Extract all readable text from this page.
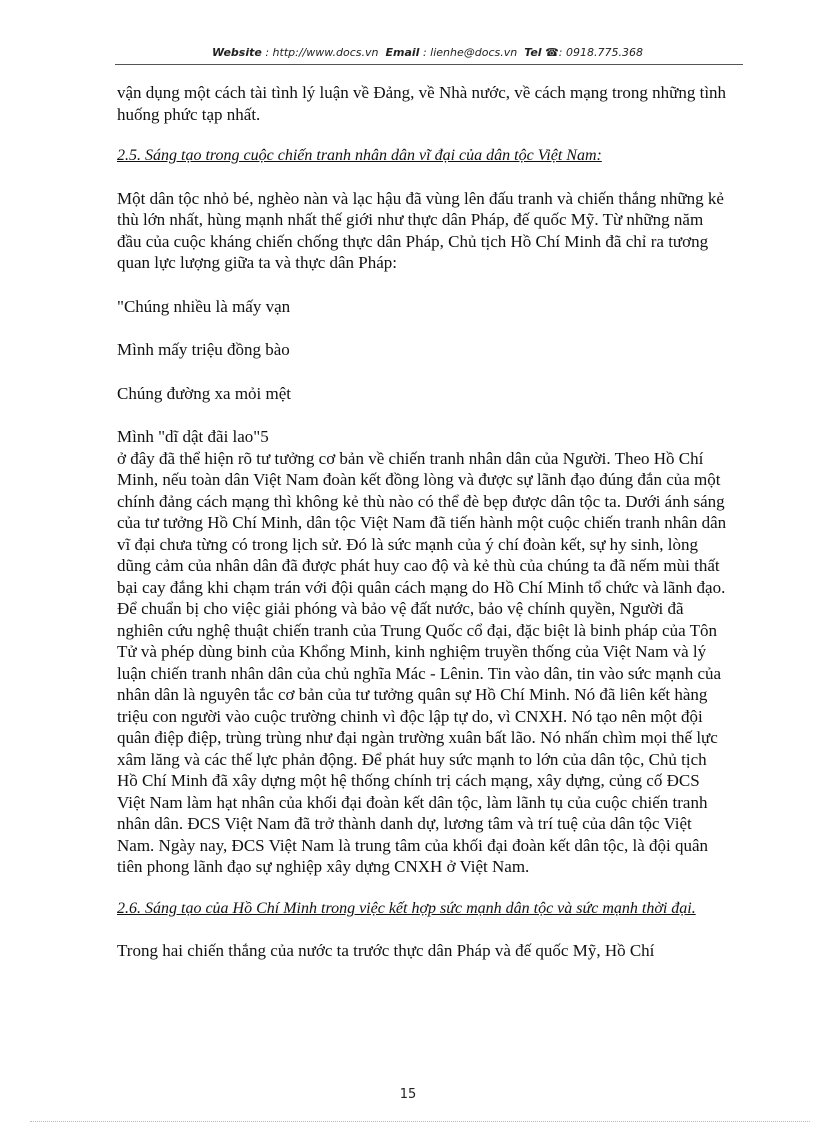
Website : http://www.docs.vn Email : lienhe@docs.vn Tel ☎: 0918.775.368

vận dụng một cách tài tình lý luận về Đảng, về Nhà nước, về cách mạng trong những tình huống phức tạp nhất.

2.5. Sáng tạo trong cuộc chiến tranh nhân dân vĩ đại của dân tộc Việt Nam:

Một dân tộc nhỏ bé, nghèo nàn và lạc hậu đã vùng lên đấu tranh và chiến thắng những kẻ thù lớn nhất, hùng mạnh nhất thế giới như thực dân Pháp, đế quốc Mỹ. Từ những năm đầu của cuộc kháng chiến chống thực dân Pháp, Chủ tịch Hồ Chí Minh đã chỉ ra tương quan lực lượng giữa ta và thực dân Pháp:

"Chúng nhiều là mấy vạn

Mình mấy triệu đồng bào

Chúng đường xa mỏi mệt

Mình "dĩ dật đãi lao"5

ở đây đã thể hiện rõ tư tưởng cơ bản về chiến tranh nhân dân của Người. Theo Hồ Chí Minh, nếu toàn dân Việt Nam đoàn kết đồng lòng và được sự lãnh đạo đúng đắn của một chính đảng cách mạng thì không kẻ thù nào có thể đè bẹp được dân tộc ta. Dưới ánh sáng của tư tưởng Hồ Chí Minh, dân tộc Việt Nam đã tiến hành một cuộc chiến tranh nhân dân vĩ đại chưa từng có trong lịch sử. Đó là sức mạnh của ý chí đoàn kết, sự hy sinh, lòng dũng cảm của nhân dân đã được phát huy cao độ và kẻ thù của chúng ta đã nếm mùi thất bại cay đắng khi chạm trán với đội quân cách mạng do Hồ Chí Minh tổ chức và lãnh đạo. Để chuẩn bị cho việc giải phóng và bảo vệ đất nước, bảo vệ chính quyền, Người đã nghiên cứu nghệ thuật chiến tranh của Trung Quốc cổ đại, đặc biệt là binh pháp của Tôn Tử và phép dùng binh của Khổng Minh, kinh nghiệm truyền thống của Việt Nam và lý luận chiến tranh nhân dân của chủ nghĩa Mác - Lênin. Tin vào dân, tin vào sức mạnh của nhân dân là nguyên tắc cơ bản của tư tưởng quân sự Hồ Chí Minh. Nó đã liên kết hàng triệu con người vào cuộc trường chinh vì độc lập tự do, vì CNXH. Nó tạo nên một đội quân điệp điệp, trùng trùng như đại ngàn trường xuân bất lão. Nó nhấn chìm mọi thế lực xâm lăng và các thế lực phản động. Để phát huy sức mạnh to lớn của dân tộc, Chủ tịch Hồ Chí Minh đã xây dựng một hệ thống chính trị cách mạng, xây dựng, củng cố ĐCS Việt Nam làm hạt nhân của khối đại đoàn kết dân tộc, làm lãnh tụ của cuộc chiến tranh nhân dân. ĐCS Việt Nam đã trở thành danh dự, lương tâm và trí tuệ của dân tộc Việt Nam. Ngày nay, ĐCS Việt Nam là trung tâm của khối đại đoàn kết dân tộc, là đội quân tiên phong lãnh đạo sự nghiệp xây dựng CNXH ở Việt Nam.

2.6. Sáng tạo của Hồ Chí Minh trong việc kết hợp sức mạnh dân tộc và sức mạnh thời đại.

Trong hai chiến thắng của nước ta trước thực dân Pháp và đế quốc Mỹ, Hồ Chí

15
